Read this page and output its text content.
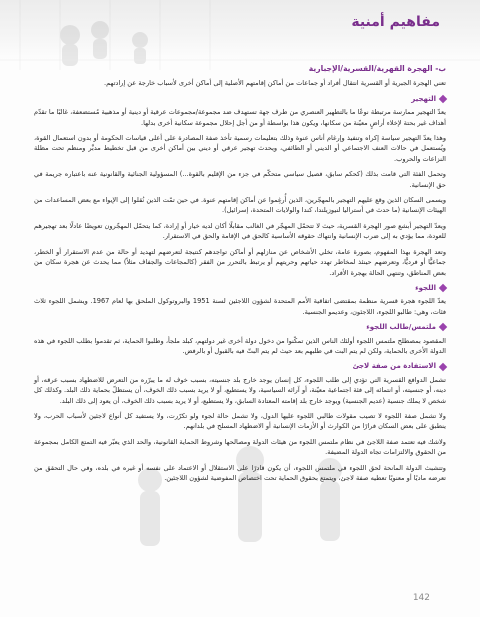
مفاهيم أمنية
ب- الهجرة القهرية/القسرية/الإجبارية

تعني الهجرة الجبرية أو القسرية انتقال أفراد أو جماعات من أماكن إقامتهم الأصلية إلى أماكن أخرى لأسباب خارجة عن إرادتهم.

التهجير

يعدّ التهجير ممارسة مرتبطة نوعًا ما بالتطهير العنصري من طرف جهة تستهدف ضد مجموعة/مجموعات عرقية أو دينية أو مذهبية مُستضعفة، غالبًا ما تقدّم أهداف غير بحتة لإخلاء أراضٍ معيّنة من سكانها، ويكون هذا بواسطة أو من أجل إحلال مجموعة سكانية أخرى بدلها.

وهذا يعدّ التهجير سياسة إكراه وتنفيذ وإرغام أناس عنوة وذلك بتعليمات رسمية تأخذ صفة المصادرة على أعلى قياسات الحكومة أو بدون استعمال القوة، ويُستعمل في حالات العنف الاجتماعي أو الديني أو الطائفي، ويحدث تهجير عرقي أو ديني بين أماكن أخرى من قبل تخطيط مدبَّر ومنظم تحت مظلة النزاعات والحروب.

وتحمل الفئة التي قامت بذلك (كحكم سابق، فصيل سياسي متحكّم في جزء من الإقليم بالقوة...) المسؤولية الجنائية والقانونية عنه باعتباره جريمة في حق الإنسانية.

ويسمى السكان الذين وقع عليهم التهجير بالمهجّرين، الذين أُرغِموا عن أماكن إقامتهم عنوة. في حين تمّت الذين نُقلوا إلى الإيواء مع بعض المساعدات من الهيئات الإنسانية (ما حدث في أستراليا لنيوزيلندا، كندا والولايات المتحدة، إسرائيل).

ويعدّ التهجير أبشع صور الهجرة القسرية، حيث لا تتحمّل المهجّر في الغالب مقابلًا أكان لديه خيار أو إرادة، كما يتحمّل المهجّرون تعويضًا عادلًا بعد تهجيرهم للعودة، مما يؤدي به إلى ضرب الإنسانية وانتهاك حقوقه الأساسية كالحق في الإقامة والحق في الاستقرار.

وتعد الهجرة بهذا المفهوم، بصورة عامة، تخلي الأشخاص عن منازلهم أو أماكن تواجدهم كنتيجة لتعرضهم لتهديد أو حالة من عدم الاستقرار أو الخطر، جماعيًّا أو فرديًّا، وتعرضهم حينئذ لمخاطر تهدد حياتهم وحريتهم أو يرتبط بالتحرر من الفقر (كالمجاعات والجفاف مثلاً) مما يحدث عن هجرة سكان من بعض المناطق، وتنتهي الحالة بهجرة الأفراد.

اللجوء

يعدّ اللجوء هجرة قسرية منظمة بمقتضى اتفاقية الأمم المتحدة لشؤون اللاجئين لسنة 1951 والبروتوكول الملحق بها لعام 1967. ويشمل اللجوء ثلاث فئات، وهي: طالبو اللجوء، اللاجئون، وعديمو الجنسية.

ملتمس/طالب اللجوء

المقصود بمصطلح ملتمس اللجوء أولئك الناس الذين تمكّنوا من دخول دولة أخرى غير دولتهم، كبلد ملجأ، وطلبوا الحماية، ثم تقدموا بطلب اللجوء في هذه الدولة الأخرى بالحماية، ولكن لم يتم البت في طلبهم بعد حيث لم يتم البتّ فيه بالقبول أو بالرفض.

الاستفادة من صفة لاجئ

تشمل الدوافع القسرية التي تؤدي إلى طلب اللجوء، كل إنسان يوجد خارج بلد جنسيته، بسبب خوف له ما يبرّره من التعرض للاضطهاد بسبب عرقه، أو دينه، أو جنسيته، أو انتمائه إلى فئة اجتماعية معيّنة، أو آرائه السياسية، ولا يستطيع، أو لا يريد بسبب ذلك الخوف، أن يستظلّ بحماية ذلك البلد. وكذلك كل شخص لا يملك جنسية (عديم الجنسية) ويوجد خارج بلد إقامته المعتادة السابق، ولا يستطيع، أو لا يريد بسبب ذلك الخوف، أن يعود إلى ذلك البلد.

ولا تشمل صفة اللجوء لا تصيب مقولات طالبي اللجوء عليها الدول، ولا تشمل حالة لجوء ولو تكرّرت، ولا يستفيد كل أنواع لاجئين لأسباب الحرب، ولا ينطبق على بعض السكان فرارًا من الكوارث أو الأزمات الإنسانية أو الاضطهاد المسلح في بلدانهم.

ولاشك فيه تعتمد صفة اللاجئ في نظام ملتمس اللجوء من هيئات الدولة ومصالحها وشروط الحماية القانونية، والحد الذي يعبّر فيه التمتع الكامل بمجموعة من الحقوق والالتزامات تجاه الدولة المضيفة.

وتتشبث الدولة المانحة لحق اللجوء في ملتمس اللجوء، أن يكون قادرًا على الاستقلال أو الاعتماد على نفسه أو غيره في بلده، وفي حال التحقق من تعرضه ماديًا أو معنويًا تعطيه صفة لاجئ، ويتمتع بحقوق الحماية تحت اختصاص المفوضية لشؤون اللاجئين.

142
